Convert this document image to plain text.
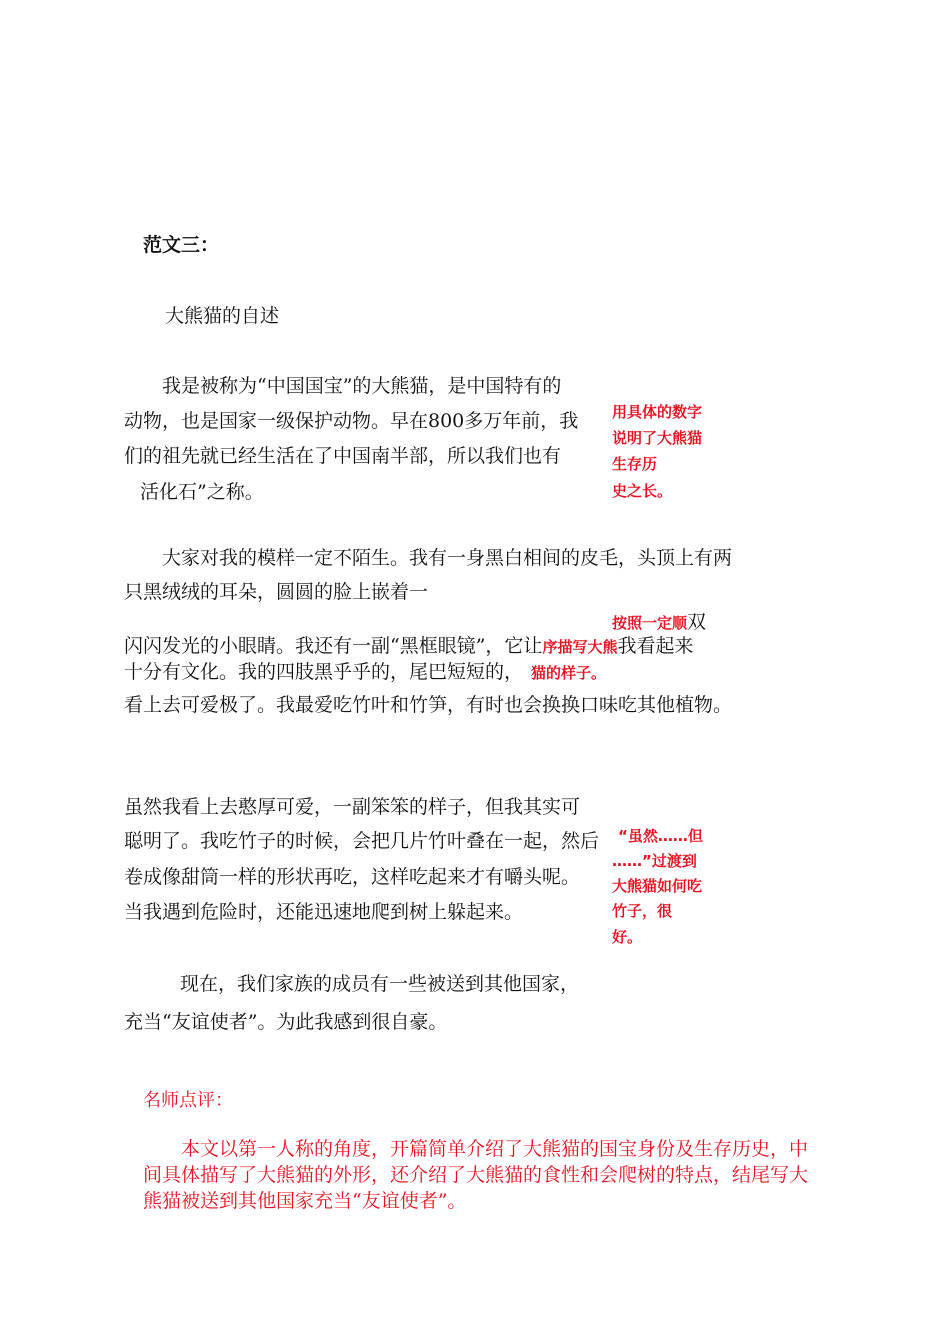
范文三：
大熊猫的自述
我是被称为“中国国宝”的大熊猫，是中国特有的
动物，也是国家一级保护动物。早在800多万年前，我
们的祖先就已经生活在了中国南半部，所以我们也有
活化石”之称。
用具体的数字
说明了大熊猫
生存历
史之长。
大家对我的模样一定不陌生。我有一身黑白相间的皮毛，头顶上有两
只黑绒绒的耳朵，圆圆的脸上嵌着一
按照一定顺双
闪闪发光的小眼睛。我还有一副“黑框眼镜”，它让序描写大熊我看起来
十分有文化。我的四肢黑乎乎的，尾巴短短的， 猫的样子。
看上去可爱极了。我最爱吃竹叶和竹笋，有时也会换换口味吃其他植物。
虽然我看上去憨厚可爱，一副笨笨的样子，但我其实可
聪明了。我吃竹子的时候，会把几片竹叶叠在一起，然后
卷成像甜筒一样的形状再吃，这样吃起来才有嚼头呢。
当我遇到危险时，还能迅速地爬到树上躲起来。
“虽然……但
……”过渡到
大熊猫如何吃
竹子，很
好。
现在，我们家族的成员有一些被送到其他国家，
充当“友谊使者”。为此我感到很自豪。
名师点评：
本文以第一人称的角度，开篇简单介绍了大熊猫的国宝身份及生存历史，中
间具体描写了大熊猫的外形，还介绍了大熊猫的食性和会爬树的特点，结尾写大
熊猫被送到其他国家充当“友谊使者”。
